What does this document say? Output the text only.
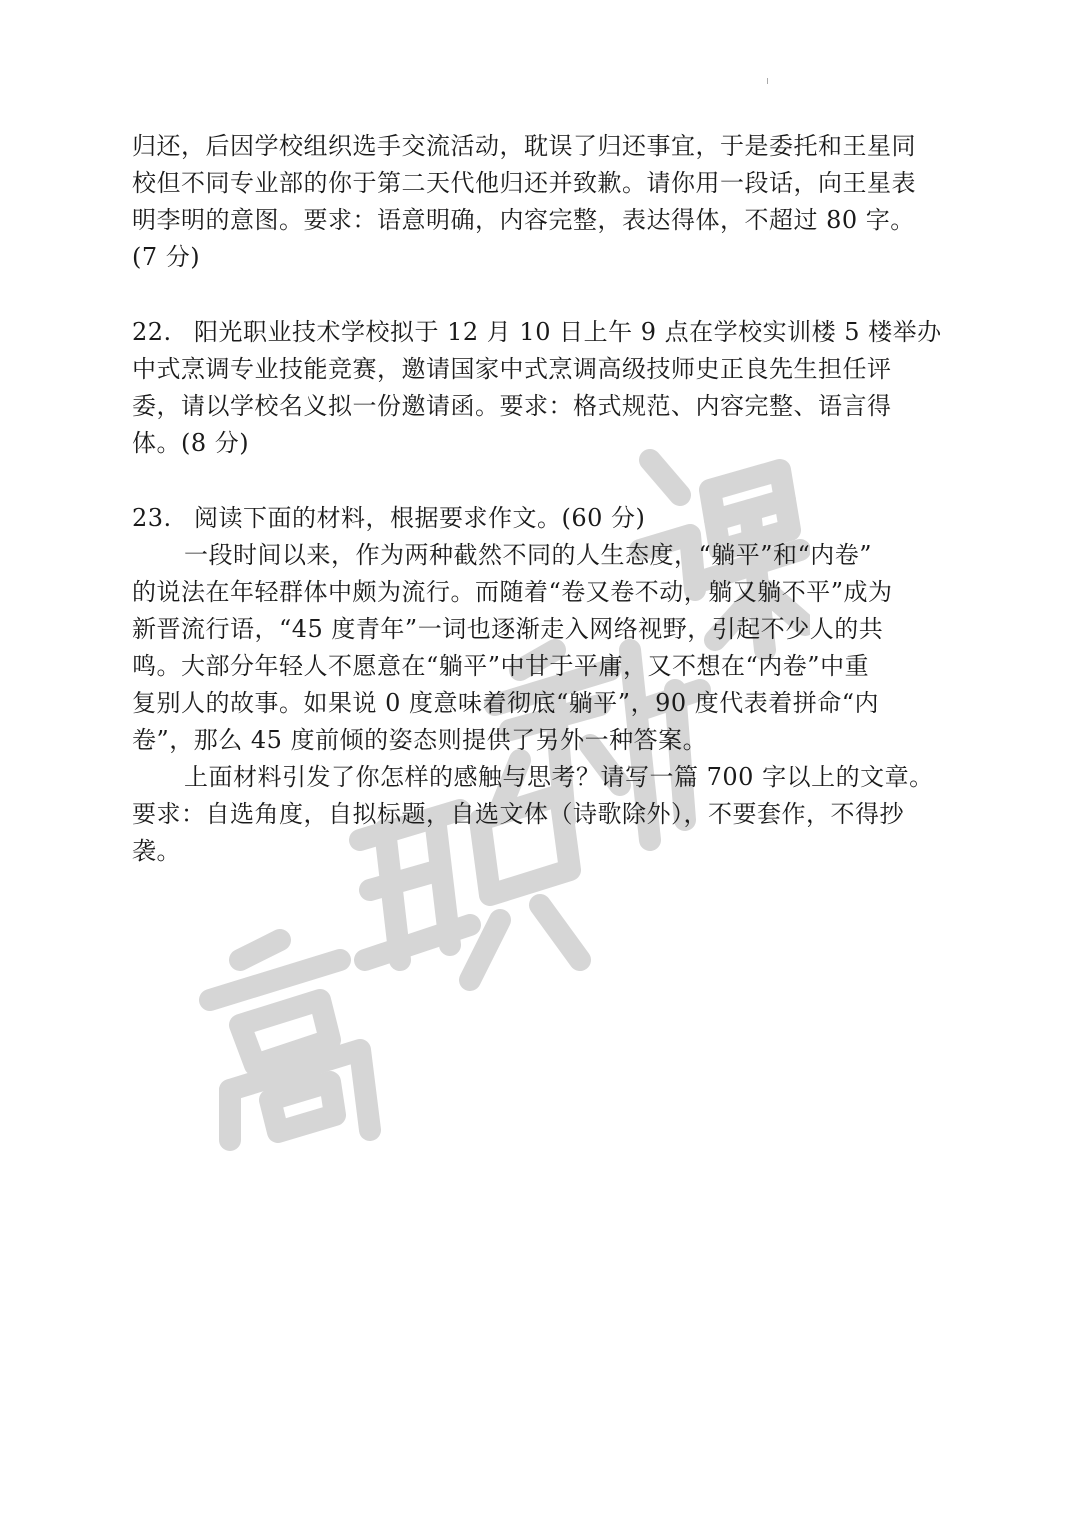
归还，后因学校组织选手交流活动，耽误了归还事宜，于是委托和王星同
校但不同专业部的你于第二天代他归还并致歉。请你用一段话，向王星表
明李明的意图。要求：语意明确，内容完整，表达得体，不超过 80 字。
(7 分)
22. 阳光职业技术学校拟于 12 月 10 日上午 9 点在学校实训楼 5 楼举办
中式烹调专业技能竞赛，邀请国家中式烹调高级技师史正良先生担任评
委，请以学校名义拟一份邀请函。要求：格式规范、内容完整、语言得
体。(8 分)
23. 阅读下面的材料，根据要求作文。(60 分)
一段时间以来，作为两种截然不同的人生态度，“躺平”和“内卷”
的说法在年轻群体中颇为流行。而随着“卷又卷不动，躺又躺不平”成为
新晋流行语，“45 度青年”一词也逐渐走入网络视野，引起不少人的共
鸣。大部分年轻人不愿意在“躺平”中甘于平庸，又不想在“内卷”中重
复别人的故事。如果说 0 度意味着彻底“躺平”，90 度代表着拼命“内
卷”，那么 45 度前倾的姿态则提供了另外一种答案。
上面材料引发了你怎样的感触与思考？请写一篇 700 字以上的文章。
要求：自选角度，自拟标题，自选文体（诗歌除外），不要套作，不得抄
袭。
